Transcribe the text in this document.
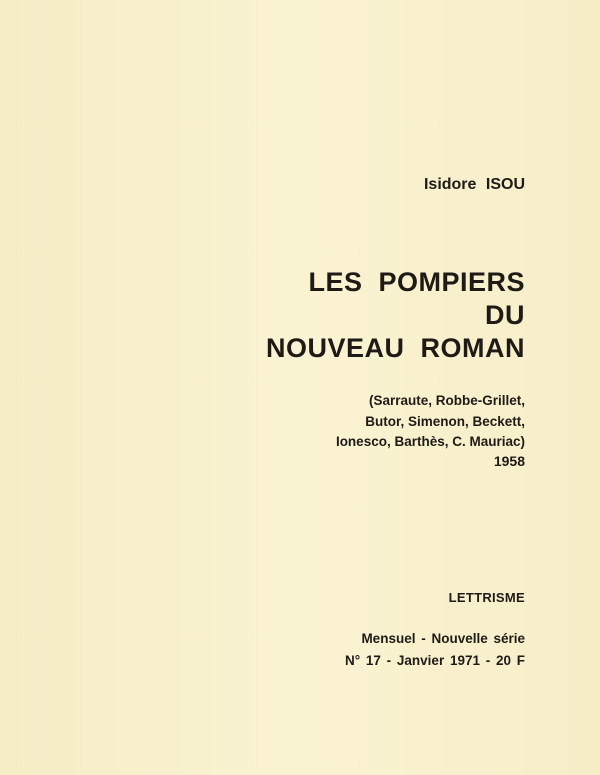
Isidore ISOU
LES POMPIERS
DU
NOUVEAU ROMAN
(Sarraute, Robbe-Grillet,
Butor, Simenon, Beckett,
Ionesco, Barthès, C. Mauriac)
1958
LETTRISME
Mensuel - Nouvelle série
N° 17 - Janvier 1971 - 20 F
